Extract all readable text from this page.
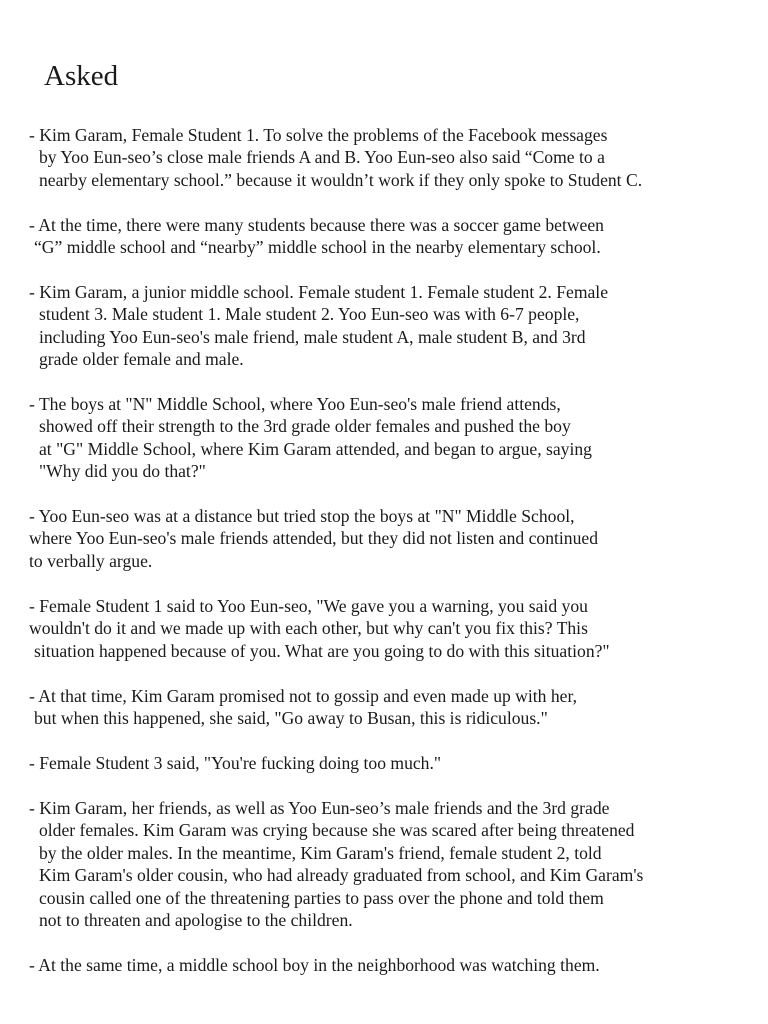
Asked
- Kim Garam, Female Student 1. To solve the problems of the Facebook messages
by Yoo Eun-seo’s close male friends A and B. Yoo Eun-seo also said “Come to a
nearby elementary school.” because it wouldn’t work if they only spoke to Student C.
- At the time, there were many students because there was a soccer game between
“G” middle school and “nearby” middle school in the nearby elementary school.
- Kim Garam, a junior middle school. Female student 1. Female student 2. Female
student 3. Male student 1. Male student 2. Yoo Eun-seo was with 6-7 people,
including Yoo Eun-seo's male friend, male student A, male student B, and 3rd
grade older female and male.
- The boys at "N" Middle School, where Yoo Eun-seo's male friend attends,
showed off their strength to the 3rd grade older females and pushed the boy
at "G" Middle School, where Kim Garam attended, and began to argue, saying
"Why did you do that?"
- Yoo Eun-seo was at a distance but tried stop the boys at "N" Middle School,
where Yoo Eun-seo's male friends attended, but they did not listen and continued
to verbally argue.
- Female Student 1 said to Yoo Eun-seo, "We gave you a warning, you said you
wouldn't do it and we made up with each other, but why can't you fix this? This
situation happened because of you. What are you going to do with this situation?"
- At that time, Kim Garam promised not to gossip and even made up with her,
but when this happened, she said, "Go away to Busan, this is ridiculous."
- Female Student 3 said, "You're fucking doing too much."
- Kim Garam, her friends, as well as Yoo Eun-seo’s male friends and the 3rd grade
older females. Kim Garam was crying because she was scared after being threatened
by the older males. In the meantime, Kim Garam's friend, female student 2, told
Kim Garam's older cousin, who had already graduated from school, and Kim Garam's
cousin called one of the threatening parties to pass over the phone and told them
not to threaten and apologise to the children.
- At the same time, a middle school boy in the neighborhood was watching them.
